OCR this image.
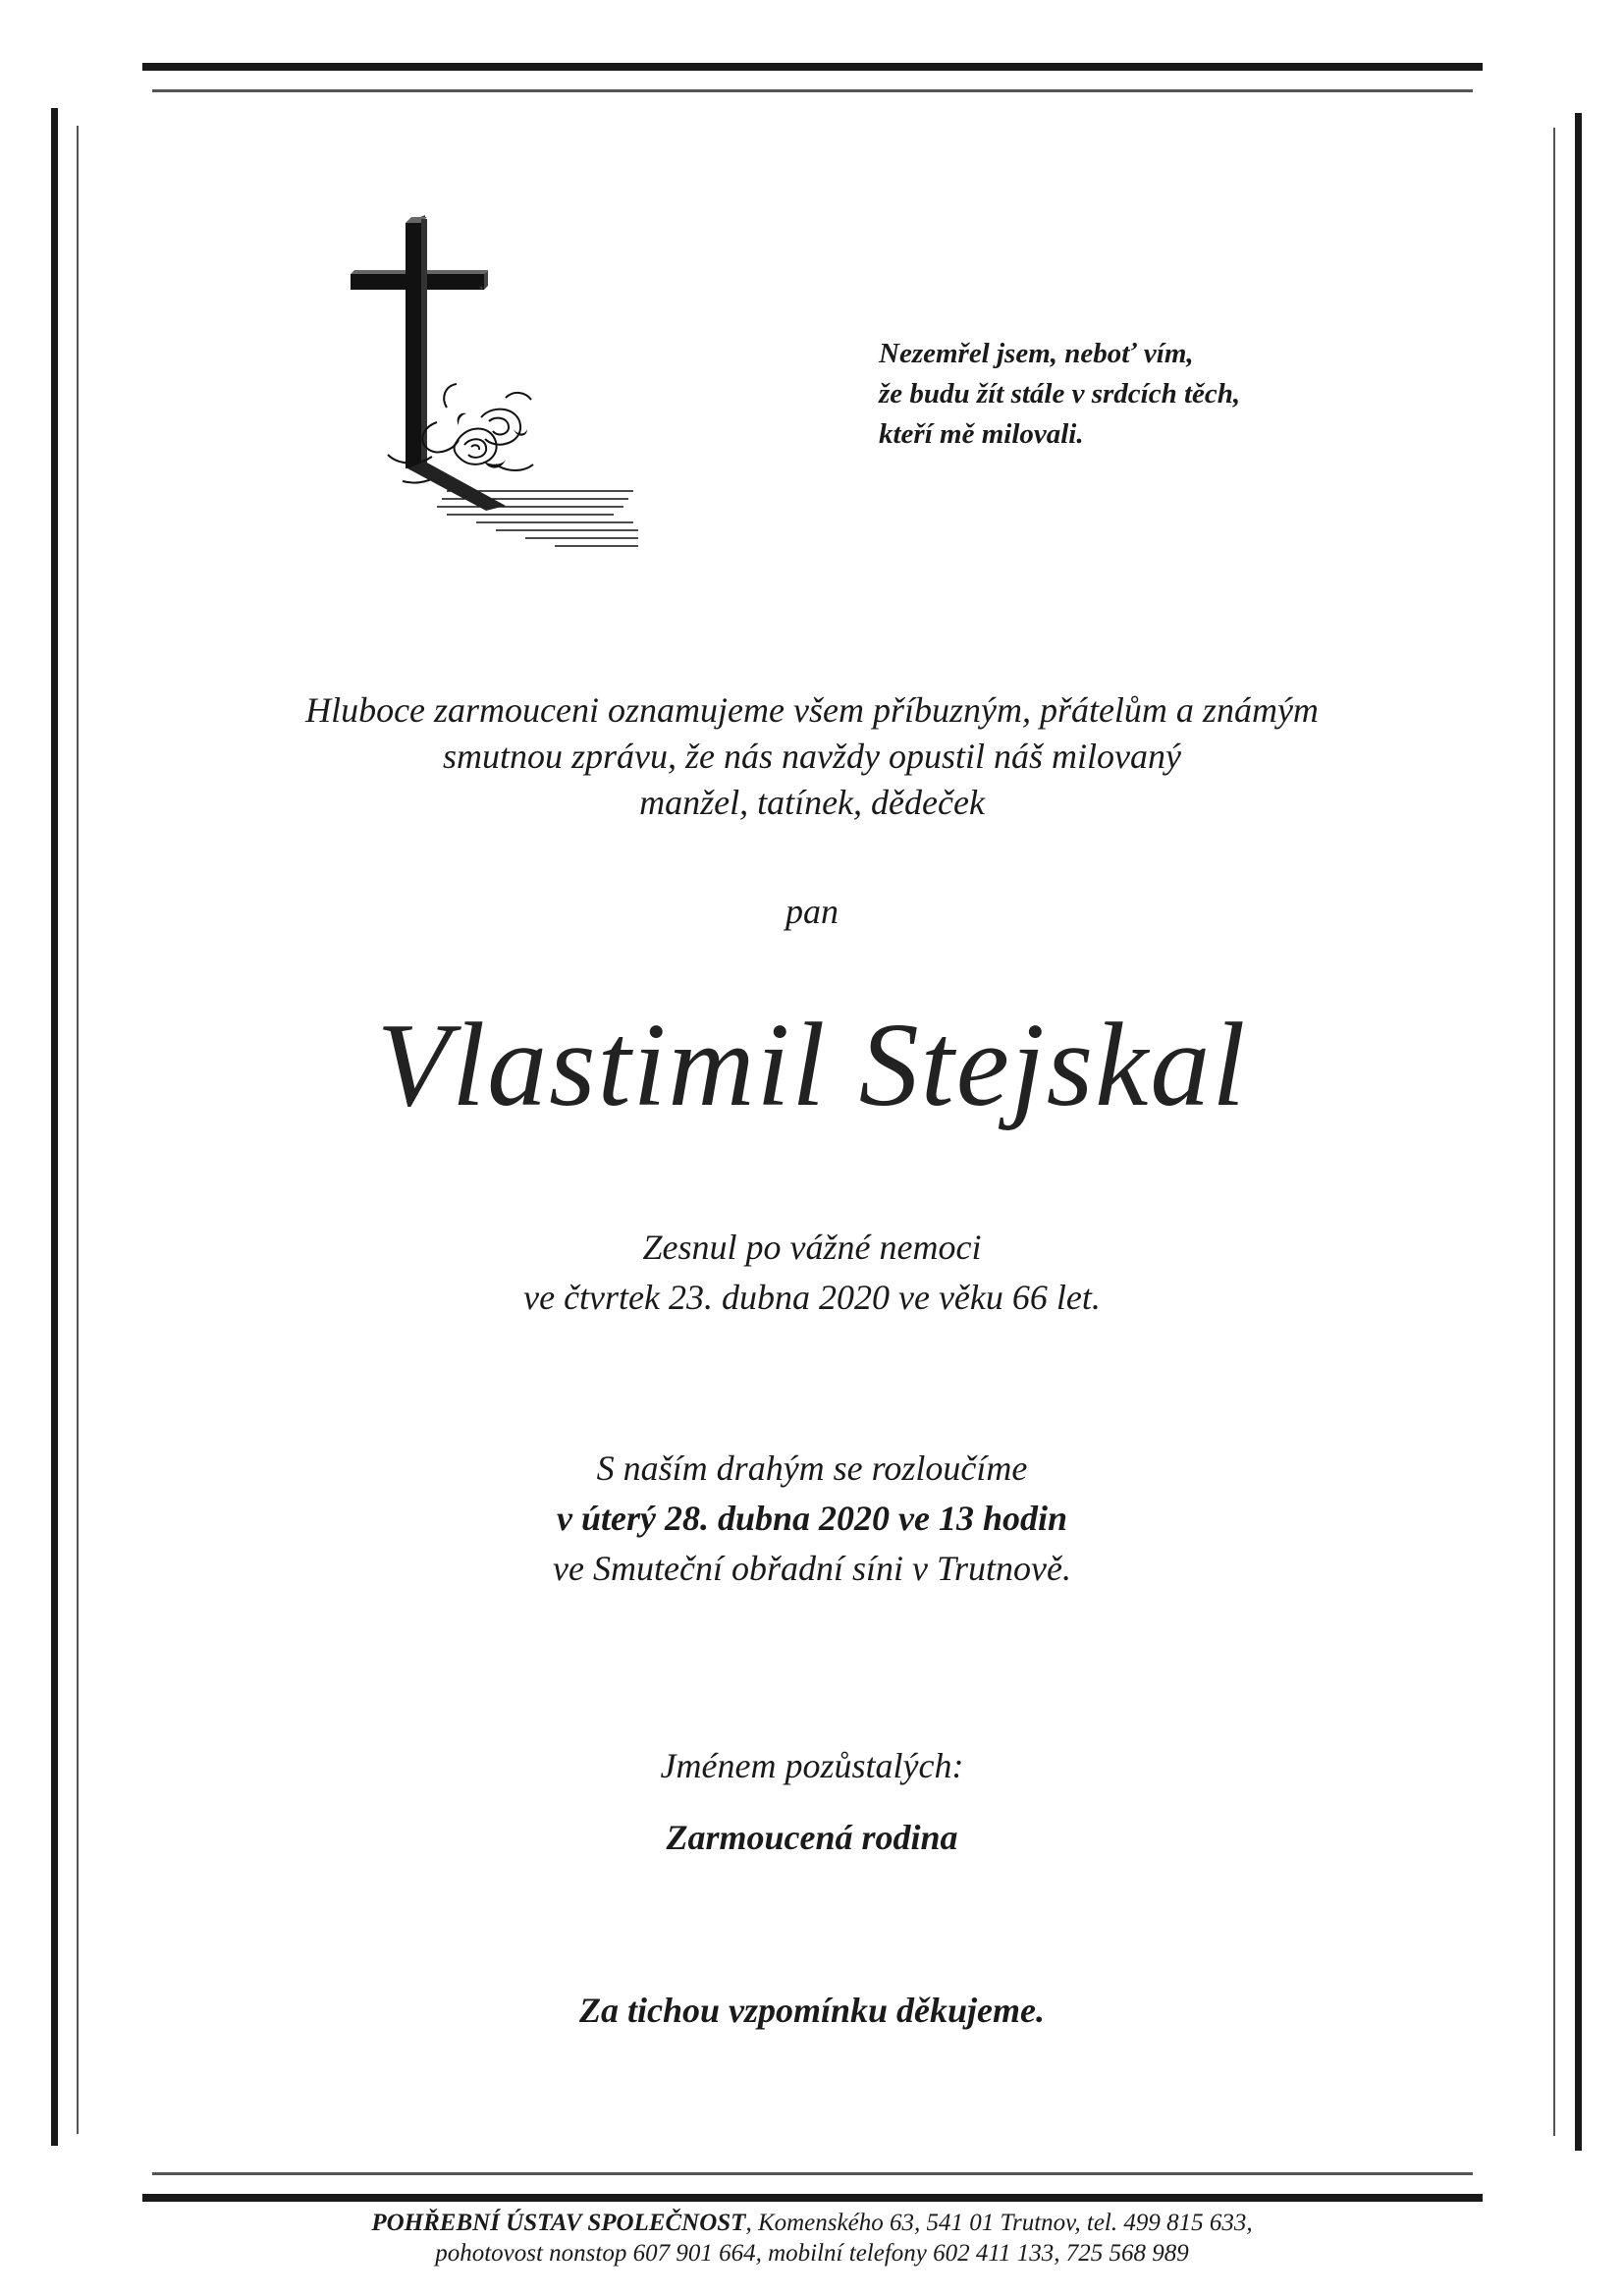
Nezemřel jsem, neboť vím,
že budu žít stále v srdcích těch,
kteří mě milovali.
Hluboce zarmouceni oznamujeme všem příbuzným, přátelům a známým
smutnou zprávu, že nás navždy opustil náš milovaný
manžel, tatínek, dědeček
pan
Vlastimil Stejskal
Zesnul po vážné nemoci
ve čtvrtek 23. dubna 2020 ve věku 66 let.
S naším drahým se rozloučíme
v úterý 28. dubna 2020 ve 13 hodin
ve Smuteční obřadní síni v Trutnově.
Jménem pozůstalých:
Zarmoucená rodina
Za tichou vzpomínku děkujeme.
POHŘEBNÍ ÚSTAV SPOLEČNOST, Komenského 63, 541 01 Trutnov, tel. 499 815 633,
pohotovost nonstop 607 901 664, mobilní telefony 602 411 133, 725 568 989
